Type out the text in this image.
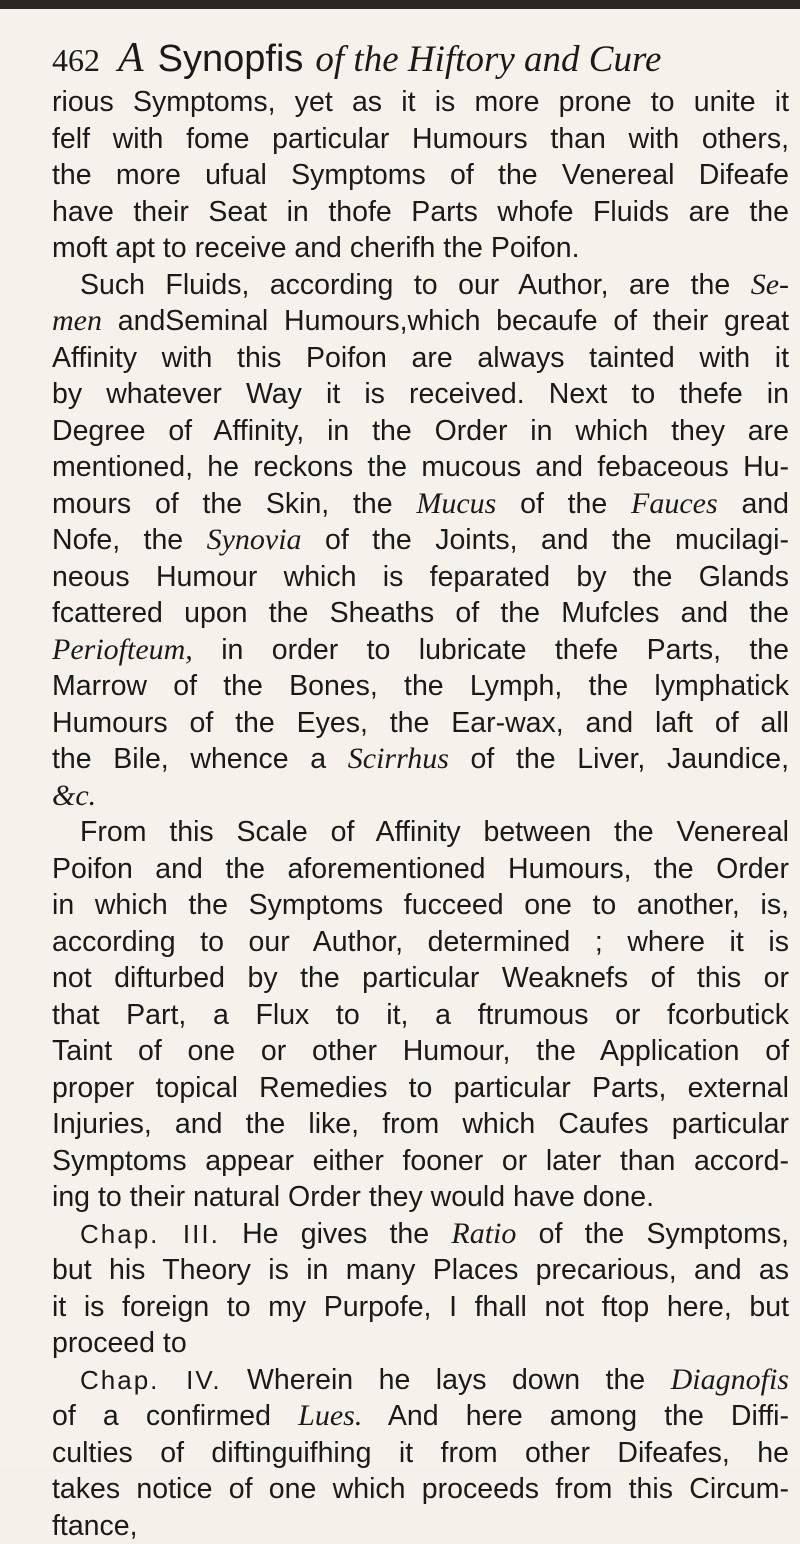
462 A Synopfis of the Hiftory and Cure
rious Symptoms, yet as it is more prone to unite it
felf with fome particular Humours than with others,
the more ufual Symptoms of the Venereal Difeafe
have their Seat in thofe Parts whofe Fluids are the
moft apt to receive and cherifh the Poifon.
Such Fluids, according to our Author, are the Se-
men andSeminal Humours,which becaufe of their great
Affinity with this Poifon are always tainted with it
by whatever Way it is received. Next to thefe in
Degree of Affinity, in the Order in which they are
mentioned, he reckons the mucous and febaceous Hu-
mours of the Skin, the Mucus of the Fauces and
Nofe, the Synovia of the Joints, and the mucilagi-
neous Humour which is feparated by the Glands
fcattered upon the Sheaths of the Mufcles and the
Periofteum, in order to lubricate thefe Parts, the
Marrow of the Bones, the Lymph, the lymphatick
Humours of the Eyes, the Ear-wax, and laft of all
the Bile, whence a Scirrhus of the Liver, Jaundice,
&c.
From this Scale of Affinity between the Venereal
Poifon and the aforementioned Humours, the Order
in which the Symptoms fucceed one to another, is,
according to our Author, determined ; where it is
not difturbed by the particular Weaknefs of this or
that Part, a Flux to it, a ftrumous or fcorbutick
Taint of one or other Humour, the Application of
proper topical Remedies to particular Parts, external
Injuries, and the like, from which Caufes particular
Symptoms appear either fooner or later than accord-
ing to their natural Order they would have done.
Chap. III. He gives the Ratio of the Symptoms,
but his Theory is in many Places precarious, and as
it is foreign to my Purpofe, I fhall not ftop here, but
proceed to
Chap. IV. Wherein he lays down the Diagnofis
of a confirmed Lues. And here among the Diffi-
culties of diftinguifhing it from other Difeafes, he
takes notice of one which proceeds from this Circum-
ftance,
